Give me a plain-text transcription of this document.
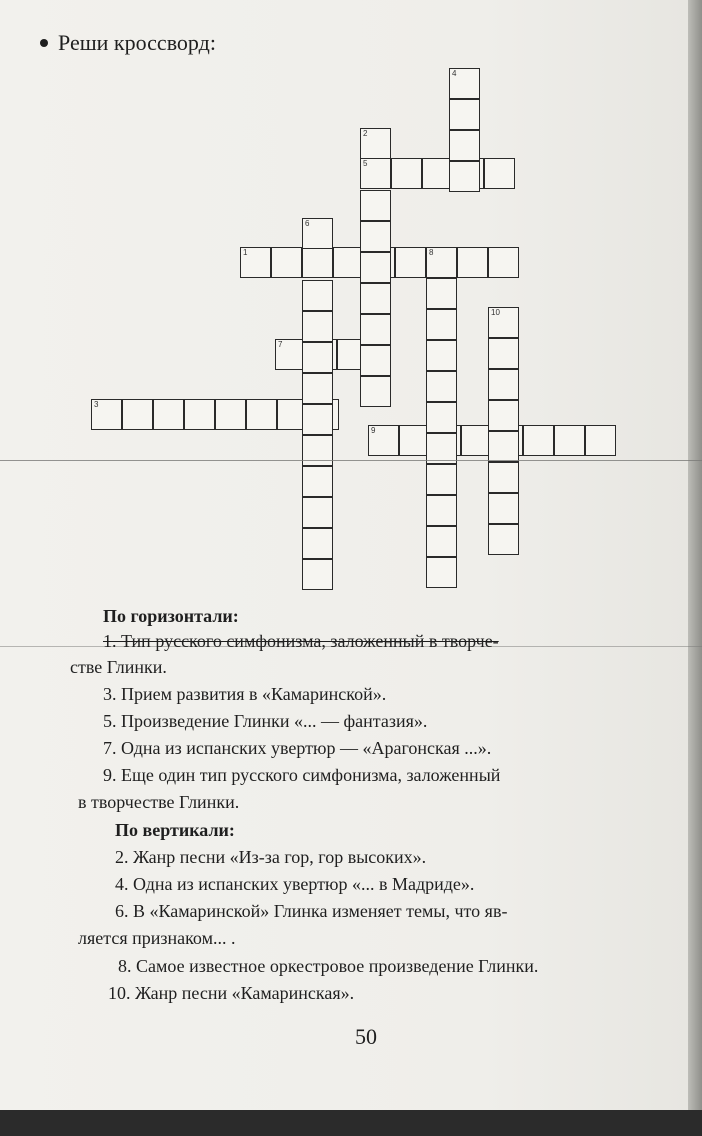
Реши кроссворд:
1
3
5
7
9
2
4
6
8
10
По горизонтали:
1. Тип русского симфонизма, заложенный в творче-
стве Глинки.
3. Прием развития в «Камаринской».
5. Произведение Глинки «... — фантазия».
7. Одна из испанских увертюр — «Арагонская ...».
9. Еще один тип русского симфонизма, заложенный
в творчестве Глинки.
По вертикали:
2. Жанр песни «Из-за гор, гор высоких».
4. Одна из испанских увертюр «... в Мадриде».
6. В «Камаринской» Глинка изменяет темы, что яв-
ляется признаком... .
8. Самое известное оркестровое произведение Глинки.
10. Жанр песни «Камаринская».
50
